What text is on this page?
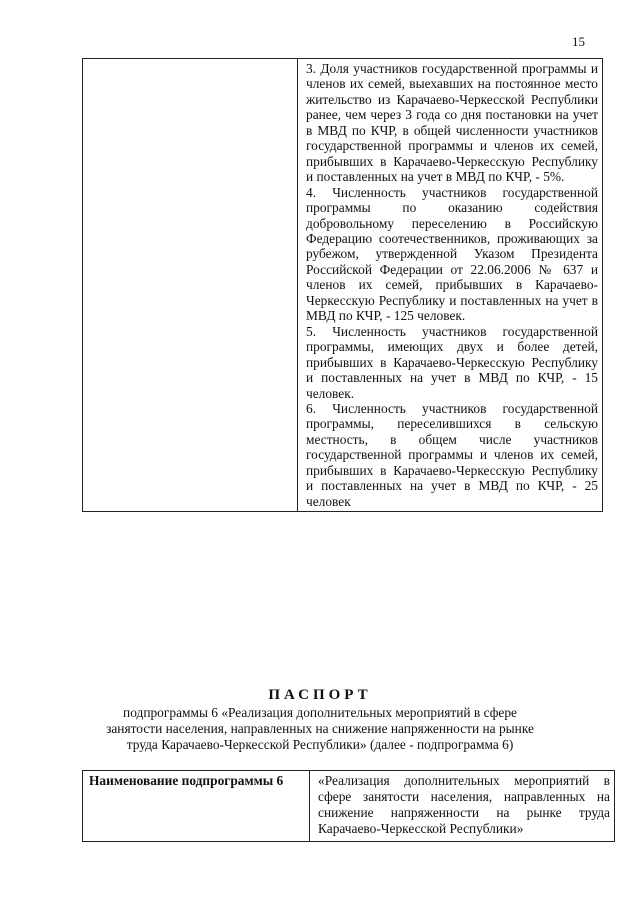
15

3. Доля участников государственной программы и членов их семей, выехавших на постоянное место жительство из Карачаево-Черкесской Республики ранее, чем через 3 года со дня постановки на учет в МВД по КЧР, в общей численности участников государственной программы и членов их семей, прибывших в Карачаево-Черкесскую Республику и поставленных на учет в МВД по КЧР, - 5%.

4. Численность участников государственной программы по оказанию содействия добровольному переселению в Российскую Федерацию соотечественников, проживающих за рубежом, утвержденной Указом Президента Российской Федерации от 22.06.2006 № 637 и членов их семей, прибывших в Карачаево-Черкесскую Республику и поставленных на учет в МВД по КЧР, - 125 человек.

5. Численность участников государственной программы, имеющих двух и более детей, прибывших в Карачаево-Черкесскую Республику и поставленных на учет в МВД по КЧР, - 15 человек.

6. Численность участников государственной программы, переселившихся в сельскую местность, в общем числе участников государственной программы и членов их семей, прибывших в Карачаево-Черкесскую Республику и поставленных на учет в МВД по КЧР, - 25 человек

ПАСПОРТ

подпрограммы 6 «Реализация дополнительных мероприятий в сфере занятости населения, направленных на снижение напряженности на рынке труда Карачаево-Черкесской Республики» (далее - подпрограмма 6)

Наименование подпрограммы 6	«Реализация дополнительных мероприятий в сфере занятости населения, направленных на снижение напряженности на рынке труда Карачаево-Черкесской Республики»
